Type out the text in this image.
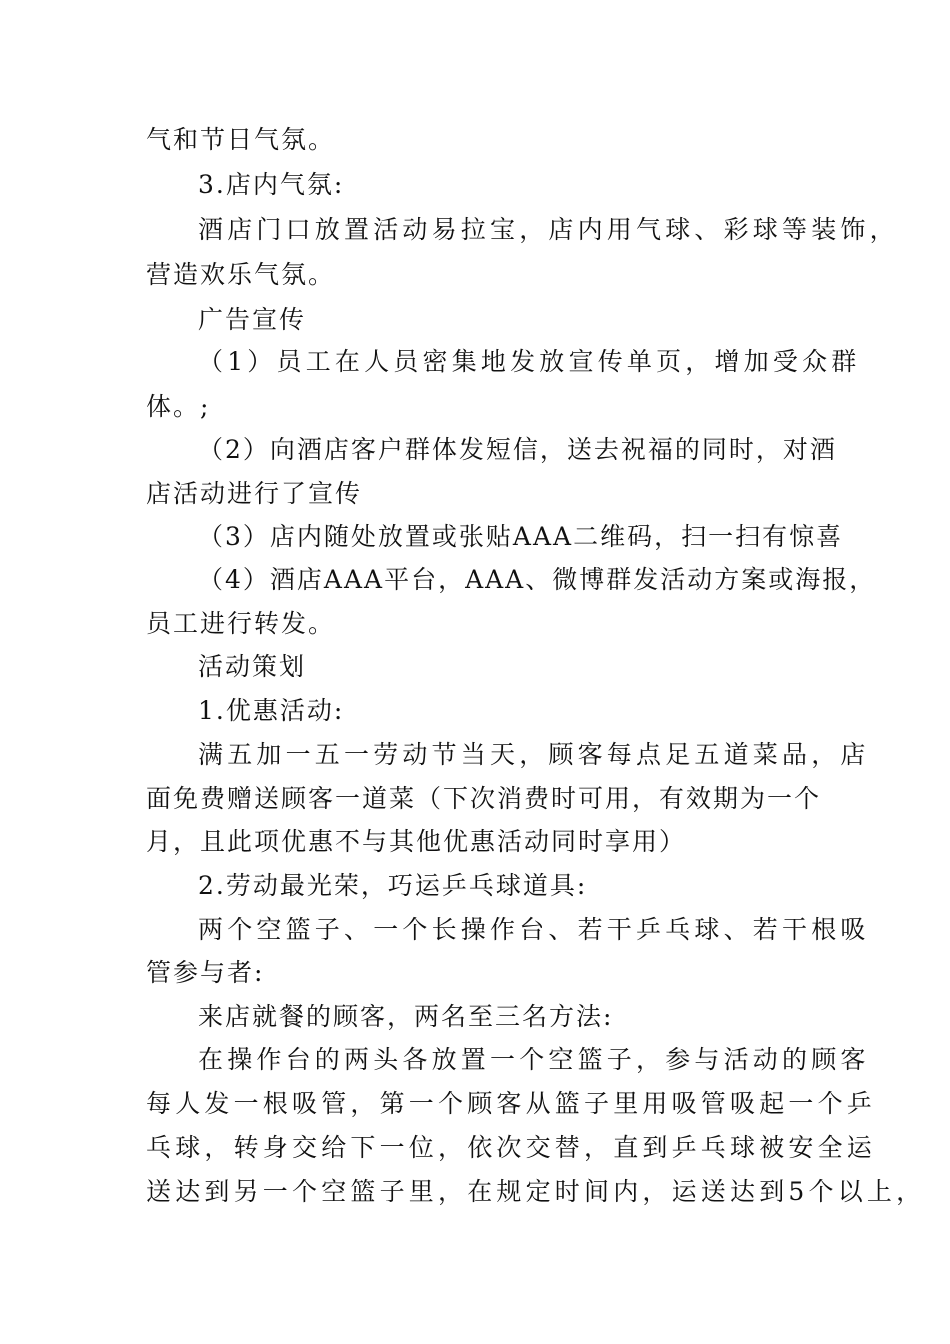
气和节日气氛。
3.店内气氛:
酒店门口放置活动易拉宝，店内用气球、彩球等装饰，
营造欢乐气氛。
广告宣传
（1）员工在人员密集地发放宣传单页，增加受众群
体。;
（2）向酒店客户群体发短信，送去祝福的同时，对酒
店活动进行了宣传
（3）店内随处放置或张贴AAA二维码，扫一扫有惊喜
（4）酒店AAA平台，AAA、微博群发活动方案或海报，
员工进行转发。
活动策划
1.优惠活动:
满五加一五一劳动节当天，顾客每点足五道菜品，店
面免费赠送顾客一道菜（下次消费时可用，有效期为一个
月，且此项优惠不与其他优惠活动同时享用）
2.劳动最光荣，巧运乒乓球道具:
两个空篮子、一个长操作台、若干乒乓球、若干根吸
管参与者:
来店就餐的顾客，两名至三名方法:
在操作台的两头各放置一个空篮子，参与活动的顾客
每人发一根吸管，第一个顾客从篮子里用吸管吸起一个乒
乓球，转身交给下一位，依次交替，直到乒乓球被安全运
送达到另一个空篮子里，在规定时间内，运送达到5个以上，
